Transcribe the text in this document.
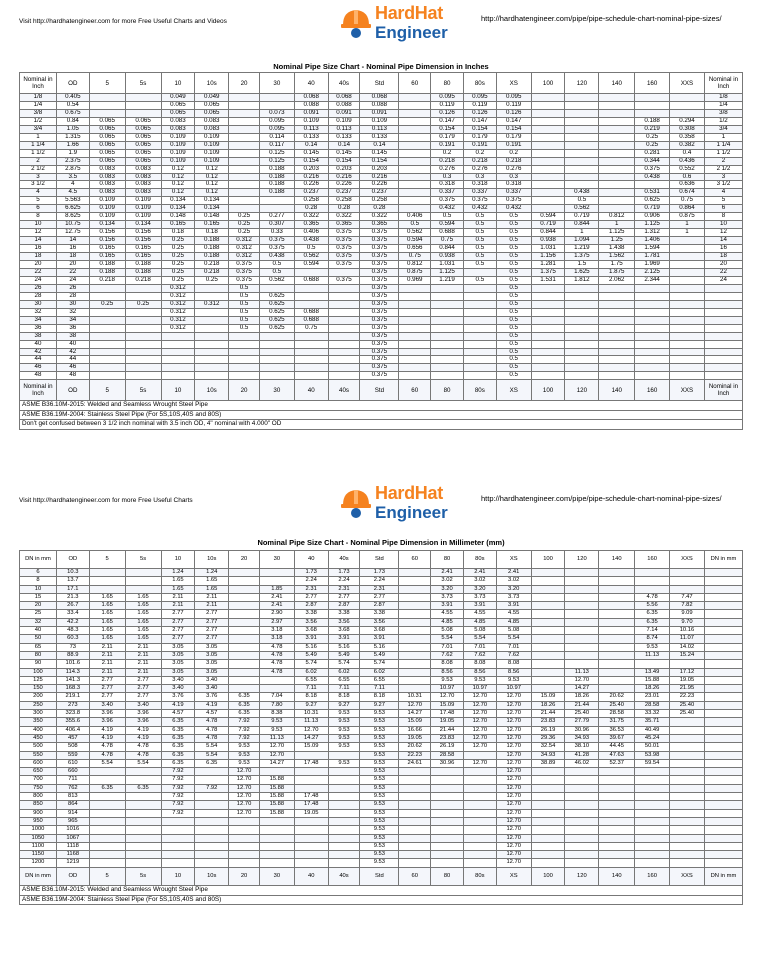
Visit http://hardhatengineer.com for more Free Useful Charts and Videos	HardHat
Engineer
http://hardhatengineer.com/pipe/pipe-schedule-chart-nominal-pipe-sizes/
Nominal Pipe Size Chart - Nominal Pipe Dimension in Inches
Nominal in Inch	OD	5	5s	10	10s	20	30	40	40s	Std	60	80	80s	XS	100	120	140	160	XXS	Nominal in Inch
1/8	0.405			0.049	0.049			0.068	0.068	0.068		0.095	0.095	0.095						1/8
1/4	0.54			0.065	0.065			0.088	0.088	0.088		0.119	0.119	0.119						1/4
3/8	0.675			0.065	0.065		0.073	0.091	0.091	0.091		0.126	0.126	0.126						3/8
1/2	0.84	0.065	0.065	0.083	0.083		0.095	0.109	0.109	0.109		0.147	0.147	0.147				0.188	0.294	1/2
3/4	1.05	0.065	0.065	0.083	0.083		0.095	0.113	0.113	0.113		0.154	0.154	0.154				0.219	0.308	3/4
1	1.315	0.065	0.065	0.109	0.109		0.114	0.133	0.133	0.133		0.179	0.179	0.179				0.25	0.358	1
1 1/4	1.66	0.065	0.065	0.109	0.109		0.117	0.14	0.14	0.14		0.191	0.191	0.191				0.25	0.382	1 1/4
1 1/2	1.9	0.065	0.065	0.109	0.109		0.125	0.145	0.145	0.145		0.2	0.2	0.2				0.281	0.4	1 1/2
2	2.375	0.065	0.065	0.109	0.109		0.125	0.154	0.154	0.154		0.218	0.218	0.218				0.344	0.436	2
2 1/2	2.875	0.083	0.083	0.12	0.12		0.188	0.203	0.203	0.203		0.276	0.276	0.276				0.375	0.552	2 1/2
3	3.5	0.083	0.083	0.12	0.12		0.188	0.216	0.216	0.216		0.3	0.3	0.3				0.438	0.6	3
3 1/2	4	0.083	0.083	0.12	0.12		0.188	0.226	0.226	0.226		0.318	0.318	0.318					0.636	3 1/2
4	4.5	0.083	0.083	0.12	0.12		0.188	0.237	0.237	0.237		0.337	0.337	0.337		0.438		0.531	0.674	4
5	5.563	0.109	0.109	0.134	0.134			0.258	0.258	0.258		0.375	0.375	0.375		0.5		0.625	0.75	5
6	6.625	0.109	0.109	0.134	0.134			0.28	0.28	0.28		0.432	0.432	0.432		0.562		0.719	0.864	6
8	8.625	0.109	0.109	0.148	0.148	0.25	0.277	0.322	0.322	0.322	0.406	0.5	0.5	0.5	0.594	0.719	0.812	0.906	0.875	8
10	10.75	0.134	0.134	0.165	0.165	0.25	0.307	0.365	0.365	0.365	0.5	0.594	0.5	0.5	0.719	0.844	1	1.125	1	10
12	12.75	0.156	0.156	0.18	0.18	0.25	0.33	0.406	0.375	0.375	0.562	0.688	0.5	0.5	0.844	1	1.125	1.312	1	12
14	14	0.156	0.156	0.25	0.188	0.312	0.375	0.438	0.375	0.375	0.594	0.75	0.5	0.5	0.938	1.094	1.25	1.406		14
16	16	0.165	0.165	0.25	0.188	0.312	0.375	0.5	0.375	0.375	0.656	0.844	0.5	0.5	1.031	1.219	1.438	1.594		16
18	18	0.165	0.165	0.25	0.188	0.312	0.438	0.562	0.375	0.375	0.75	0.938	0.5	0.5	1.156	1.375	1.562	1.781		18
20	20	0.188	0.188	0.25	0.218	0.375	0.5	0.594	0.375	0.375	0.812	1.031	0.5	0.5	1.281	1.5	1.75	1.969		20
22	22	0.188	0.188	0.25	0.218	0.375	0.5			0.375	0.875	1.125		0.5	1.375	1.625	1.875	2.125		22
24	24	0.218	0.218	0.25	0.25	0.375	0.562	0.688	0.375	0.375	0.969	1.219	0.5	0.5	1.531	1.812	2.062	2.344		24
26	26			0.312		0.5				0.375				0.5						
28	28			0.312		0.5	0.625			0.375				0.5						
30	30	0.25	0.25	0.312	0.312	0.5	0.625			0.375				0.5						
32	32			0.312		0.5	0.625	0.688		0.375				0.5						
34	34			0.312		0.5	0.625	0.688		0.375				0.5						
36	36			0.312		0.5	0.625	0.75		0.375				0.5						
38	38									0.375				0.5						
40	40									0.375				0.5						
42	42									0.375				0.5						
44	44									0.375				0.5						
46	46									0.375				0.5						
48	48									0.375				0.5						
Nominal in Inch	OD	5	5s	10	10s	20	30	40	40s	Std	60	80	80s	XS	100	120	140	160	XXS	Nominal in Inch
ASME B36.10M-2015: Welded and Seamless Wrought Steel Pipe
ASME B36.19M-2004: Stainless Steel Pipe (For 5S,10S,40S and 80S)
Don't get confused between 3 1/2 inch nominal with 3.5 inch OD, 4" nominal with 4.000" OD
Visit http://hardhatengineer.com for more Free Useful Charts	HardHat
Engineer
http://hardhatengineer.com/pipe/pipe-schedule-chart-nominal-pipe-sizes/
Nominal Pipe Size Chart - Nominal Pipe Dimension in Millimeter (mm)
DN in mm	OD	5	5s	10	10s	20	30	40	40s	Std	60	80	80s	XS	100	120	140	160	XXS	DN in mm
6	10.3			1.24	1.24			1.73	1.73	1.73		2.41	2.41	2.41						
8	13.7			1.65	1.65			2.24	2.24	2.24		3.02	3.02	3.02						
10	17.1			1.65	1.65		1.85	2.31	2.31	2.31		3.20	3.20	3.20						
15	21.3	1.65	1.65	2.11	2.11		2.41	2.77	2.77	2.77		3.73	3.73	3.73				4.78	7.47	
20	26.7	1.65	1.65	2.11	2.11		2.41	2.87	2.87	2.87		3.91	3.91	3.91				5.56	7.82	
25	33.4	1.65	1.65	2.77	2.77		2.90	3.38	3.38	3.38		4.55	4.55	4.55				6.35	9.09	
32	42.2	1.65	1.65	2.77	2.77		2.97	3.56	3.56	3.56		4.85	4.85	4.85				6.35	9.70	
40	48.3	1.65	1.65	2.77	2.77		3.18	3.68	3.68	3.68		5.08	5.08	5.08				7.14	10.16	
50	60.3	1.65	1.65	2.77	2.77		3.18	3.91	3.91	3.91		5.54	5.54	5.54				8.74	11.07	
65	73	2.11	2.11	3.05	3.05		4.78	5.16	5.16	5.16		7.01	7.01	7.01				9.53	14.02	
80	88.9	2.11	2.11	3.05	3.05		4.78	5.49	5.49	5.49		7.62	7.62	7.62				11.13	15.24	
90	101.6	2.11	2.11	3.05	3.05		4.78	5.74	5.74	5.74		8.08	8.08	8.08						
100	114.3	2.11	2.11	3.05	3.05		4.78	6.02	6.02	6.02		8.56	8.56	8.56		11.13		13.49	17.12	
125	141.3	2.77	2.77	3.40	3.40			6.55	6.55	6.55		9.53	9.53	9.53		12.70		15.88	19.05	
150	168.3	2.77	2.77	3.40	3.40			7.11	7.11	7.11		10.97	10.97	10.97		14.27		18.26	21.95	
200	219.1	2.77	2.77	3.76	3.76	6.35	7.04	8.18	8.18	8.18	10.31	12.70	12.70	12.70	15.09	18.26	20.62	23.01	22.23	
250	273	3.40	3.40	4.19	4.19	6.35	7.80	9.27	9.27	9.27	12.70	15.09	12.70	12.70	18.26	21.44	25.40	28.58	25.40	
300	323.8	3.96	3.96	4.57	4.57	6.35	8.38	10.31	9.53	9.53	14.27	17.48	12.70	12.70	21.44	25.40	28.58	33.32	25.40	
350	355.6	3.96	3.96	6.35	4.78	7.92	9.53	11.13	9.53	9.53	15.09	19.05	12.70	12.70	23.83	27.79	31.75	35.71		
400	406.4	4.19	4.19	6.35	4.78	7.92	9.53	12.70	9.53	9.53	16.66	21.44	12.70	12.70	26.19	30.96	36.53	40.49		
450	457	4.19	4.19	6.35	4.78	7.92	11.13	14.27	9.53	9.53	19.05	23.83	12.70	12.70	29.36	34.93	39.67	45.24		
500	508	4.78	4.78	6.35	5.54	9.53	12.70	15.09	9.53	9.53	20.62	26.19	12.70	12.70	32.54	38.10	44.45	50.01		
550	559	4.78	4.78	6.35	5.54	9.53	12.70			9.53	22.23	28.58		12.70	34.93	41.28	47.63	53.98		
600	610	5.54	5.54	6.35	6.35	9.53	14.27	17.48	9.53	9.53	24.61	30.96	12.70	12.70	38.89	46.02	52.37	59.54		
650	660			7.92		12.70				9.53				12.70						
700	711			7.92		12.70	15.88			9.53				12.70						
750	762	6.35	6.35	7.92	7.92	12.70	15.88			9.53				12.70						
800	813			7.92		12.70	15.88	17.48		9.53				12.70						
850	864			7.92		12.70	15.88	17.48		9.53				12.70						
900	914			7.92		12.70	15.88	19.05		9.53				12.70						
950	965									9.53				12.70						
1000	1016									9.53				12.70						
1050	1067									9.53				12.70						
1100	1118									9.53				12.70						
1150	1168									9.53				12.70						
1200	1219									9.53				12.70						
DN in mm	OD	5	5s	10	10s	20	30	40	40s	Std	60	80	80s	XS	100	120	140	160	XXS	DN in mm
ASME B36.10M-2015: Welded and Seamless Wrought Steel Pipe
ASME B36.19M-2004: Stainless Steel Pipe (For 5S,10S,40S and 80S)
